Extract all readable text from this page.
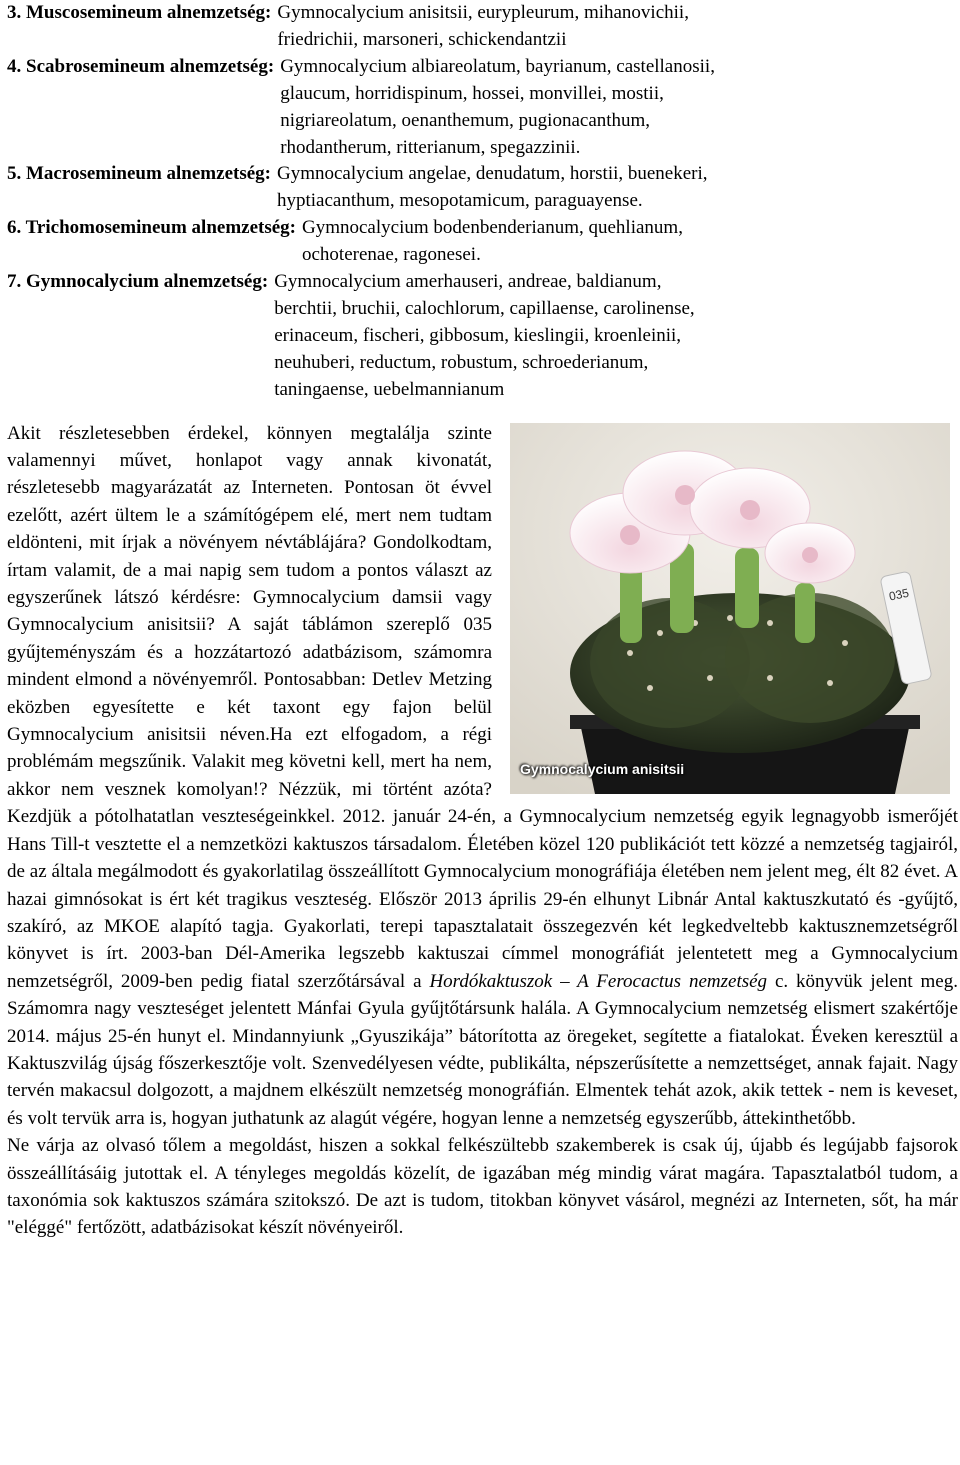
3. Muscosemineum alnemzetség: Gymnocalycium anisitsii, eurypleurum, mihanovichii,
friedrichii, marsoneri, schickendantzii
4. Scabrosemineum alnemzetség: Gymnocalycium albiareolatum, bayrianum, castellanosii,
glaucum, horridispinum, hossei, monvillei, mostii,
nigriareolatum, oenanthemum, pugionacanthum,
rhodantherum, ritterianum, spegazzinii.
5. Macrosemineum alnemzetség: Gymnocalycium angelae, denudatum, horstii, buenekeri,
hyptiacanthum, mesopotamicum, paraguayense.
6. Trichomosemineum alnemzetség: Gymnocalycium bodenbenderianum, quehlianum,
ochoterenae, ragonesei.
7. Gymnocalycium alnemzetség: Gymnocalycium amerhauseri, andreae, baldianum,
berchtii, bruchii, calochlorum, capillaense, carolinense,
erinaceum, fischeri, gibbosum, kieslingii, kroenleinii,
neuhuberi, reductum, robustum, schroederianum,
taningaense, uebelmannianum
035
Gymnocalycium anisitsii

Akit részletesebben érdekel, könnyen megtalálja szinte valamennyi művet, honlapot vagy annak kivonatát, részletesebb magyarázatát az Interneten. Pontosan öt évvel ezelőtt, azért ültem le a számítógépem elé, mert nem tudtam eldönteni, mit írjak a növényem névtáblájára? Gondolkodtam, írtam valamit, de a mai napig sem tudom a pontos választ az egyszerűnek látszó kérdésre: Gymnocalycium damsii vagy Gymnocalycium anisitsii? A saját táblámon szereplő 035 gyűjteményszám és a hozzátartozó adatbázisom, számomra mindent elmond a növényemről. Pontosabban: Detlev Metzing eközben egyesítette e két taxont egy fajon belül Gymnocalycium anisitsii néven.Ha ezt elfogadom, a régi problémám megszűnik. Valakit meg követni kell, mert ha nem, akkor nem vesznek komolyan!? Nézzük, mi történt azóta? Kezdjük a pótolhatatlan veszteségeinkkel. 2012. január 24-én, a Gymnocalycium nemzetség egyik legnagyobb ismerőjét Hans Till-t vesztette el a nemzetközi kaktuszos társadalom. Életében közel 120 publikációt tett közzé a nemzetség tagjairól, de az általa megálmodott és gyakorlatilag összeállított Gymnocalycium monográfiája életében nem jelent meg, élt 82 évet. A hazai gimnósokat is ért két tragikus veszteség. Először 2013 április 29-én elhunyt Libnár Antal kaktuszkutató és -gyűjtő, szakíró, az MKOE alapító tagja. Gyakorlati, terepi tapasztalatait összegezvén két legkedveltebb kaktusznemzetségről könyvet is írt. 2003-ban Dél-Amerika legszebb kaktuszai címmel monográfiát jelentetett meg a Gymnocalycium nemzetségről, 2009-ben pedig fiatal szerzőtársával a Hordókaktuszok – A Ferocactus nemzetség c. könyvük jelent meg. Számomra nagy veszteséget jelentett Mánfai Gyula gyűjtőtársunk halála. A Gymnocalycium nemzetség elismert szakértője 2014. május 25-én hunyt el. Mindannyiunk „Gyuszikája” bátorította az öregeket, segítette a fiatalokat. Éveken keresztül a Kaktuszvilág újság főszerkesztője volt. Szenvedélyesen védte, publikálta, népszerűsítette a nemzettséget, annak fajait. Nagy tervén makacsul dolgozott, a majdnem elkészült nemzetség monográfián. Elmentek tehát azok, akik tettek - nem is keveset, és volt tervük arra is, hogyan juthatunk az alagút végére, hogyan lenne a nemzetség egyszerűbb, áttekinthetőbb.

Ne várja az olvasó tőlem a megoldást, hiszen a sokkal felkészültebb szakemberek is csak új, újabb és legújabb fajsorok összeállításáig jutottak el. A tényleges megoldás közelít, de igazában még mindig várat magára. Tapasztalatból tudom, a taxonómia sok kaktuszos számára szitokszó. De azt is tudom, titokban könyvet vásárol, megnézi az Interneten, sőt, ha már "eléggé" fertőzött, adatbázisokat készít növényeiről.
